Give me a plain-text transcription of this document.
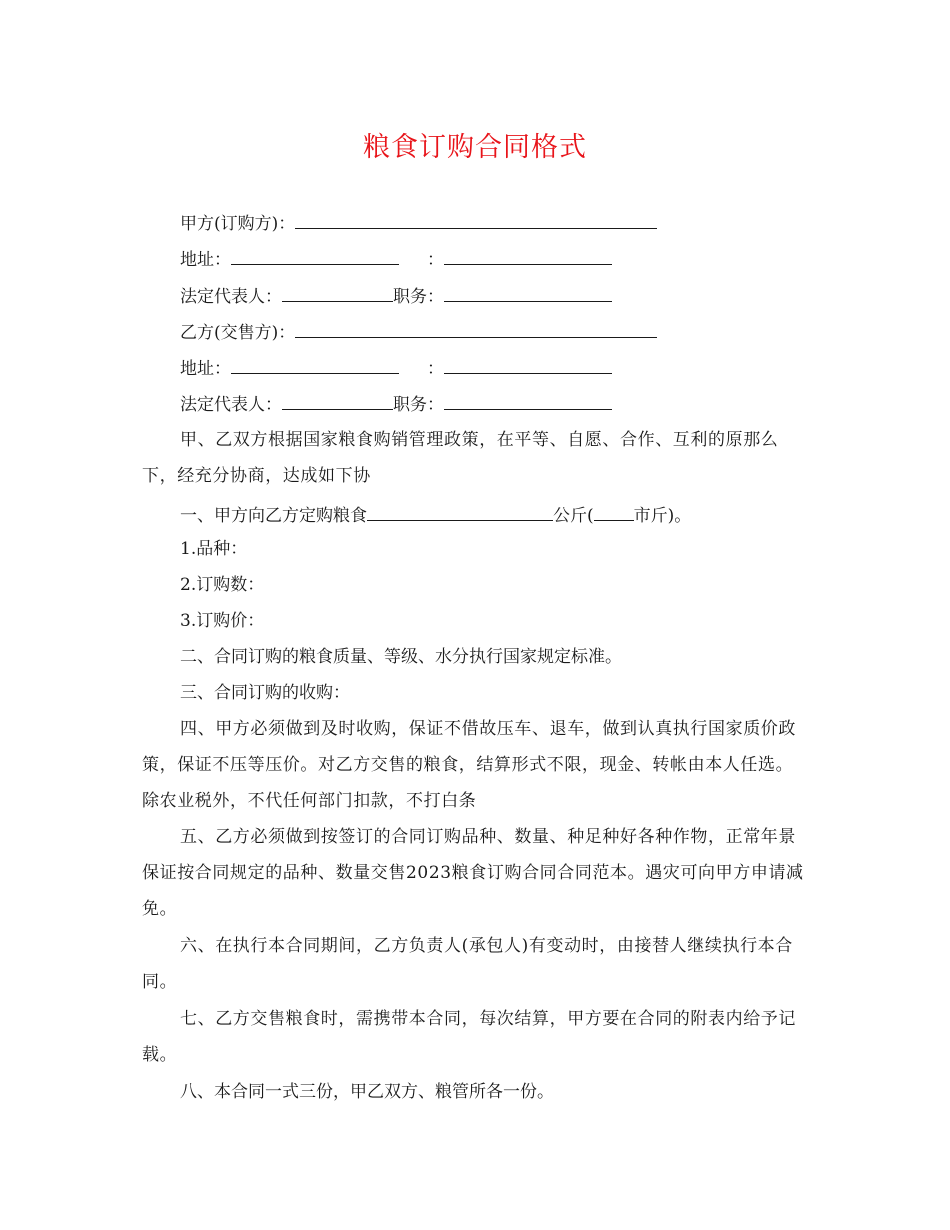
粮食订购合同格式
甲方(订购方)：
地址：	：
法定代表人：	职务：
乙方(交售方)：
地址：	：
法定代表人：	职务：
甲、乙双方根据国家粮食购销管理政策，在平等、自愿、合作、互利的原那么下，经充分协商，达成如下协
一、甲方向乙方定购粮食	公斤( 市斤)。
1.品种：
2.订购数：
3.订购价：
二、合同订购的粮食质量、等级、水分执行国家规定标准。
三、合同订购的收购：
四、甲方必须做到及时收购，保证不借故压车、退车，做到认真执行国家质价政策，保证不压等压价。对乙方交售的粮食，结算形式不限，现金、转帐由本人任选。除农业税外，不代任何部门扣款，不打白条
五、乙方必须做到按签订的合同订购品种、数量、种足种好各种作物，正常年景保证按合同规定的品种、数量交售2023粮食订购合同合同范本。遇灾可向甲方申请减免。
六、在执行本合同期间，乙方负责人(承包人)有变动时，由接替人继续执行本合同。
七、乙方交售粮食时，需携带本合同，每次结算，甲方要在合同的附表内给予记载。
八、本合同一式三份，甲乙双方、粮管所各一份。
